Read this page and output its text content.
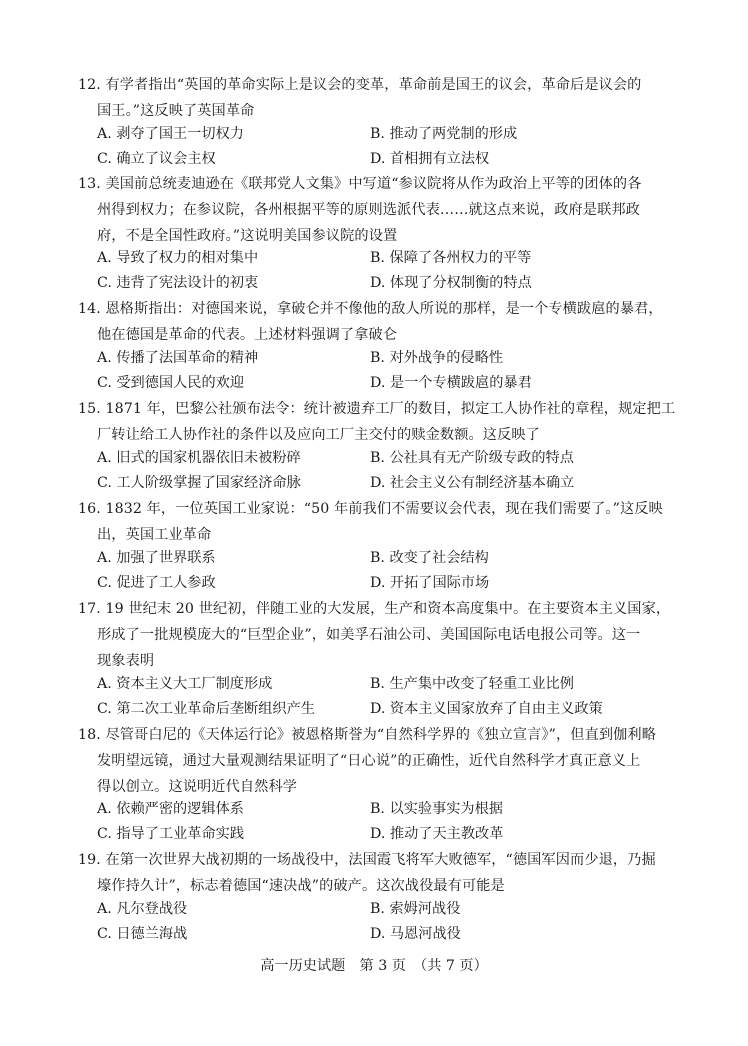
12. 有学者指出“英国的革命实际上是议会的变革，革命前是国王的议会，革命后是议会的
国王。”这反映了英国革命
A. 剥夺了国王一切权力	B. 推动了两党制的形成
C. 确立了议会主权	D. 首相拥有立法权
13. 美国前总统麦迪逊在《联邦党人文集》中写道“参议院将从作为政治上平等的团体的各
州得到权力；在参议院，各州根据平等的原则选派代表……就这点来说，政府是联邦政
府，不是全国性政府。”这说明美国参议院的设置
A. 导致了权力的相对集中	B. 保障了各州权力的平等
C. 违背了宪法设计的初衷	D. 体现了分权制衡的特点
14. 恩格斯指出：对德国来说，拿破仑并不像他的敌人所说的那样，是一个专横跋扈的暴君，
他在德国是革命的代表。上述材料强调了拿破仑
A. 传播了法国革命的精神	B. 对外战争的侵略性
C. 受到德国人民的欢迎	D. 是一个专横跋扈的暴君
15. 1871 年，巴黎公社颁布法令：统计被遗弃工厂的数目，拟定工人协作社的章程，规定把工
厂转让给工人协作社的条件以及应向工厂主交付的赎金数额。这反映了
A. 旧式的国家机器依旧未被粉碎	B. 公社具有无产阶级专政的特点
C. 工人阶级掌握了国家经济命脉	D. 社会主义公有制经济基本确立
16. 1832 年，一位英国工业家说：“50 年前我们不需要议会代表，现在我们需要了。”这反映
出，英国工业革命
A. 加强了世界联系	B. 改变了社会结构
C. 促进了工人参政	D. 开拓了国际市场
17. 19 世纪末 20 世纪初，伴随工业的大发展，生产和资本高度集中。在主要资本主义国家，
形成了一批规模庞大的“巨型企业”，如美孚石油公司、美国国际电话电报公司等。这一
现象表明
A. 资本主义大工厂制度形成	B. 生产集中改变了轻重工业比例
C. 第二次工业革命后垄断组织产生	D. 资本主义国家放弃了自由主义政策
18. 尽管哥白尼的《天体运行论》被恩格斯誉为“自然科学界的《独立宣言》”，但直到伽利略
发明望远镜，通过大量观测结果证明了“日心说”的正确性，近代自然科学才真正意义上
得以创立。这说明近代自然科学
A. 依赖严密的逻辑体系	B. 以实验事实为根据
C. 指导了工业革命实践	D. 推动了天主教改革
19. 在第一次世界大战初期的一场战役中，法国霞飞将军大败德军，“德国军因而少退，乃掘
壕作持久计”，标志着德国“速决战”的破产。这次战役最有可能是
A. 凡尔登战役	B. 索姆河战役
C. 日德兰海战	D. 马恩河战役
高一历史试题　第 3 页　（共 7 页）
